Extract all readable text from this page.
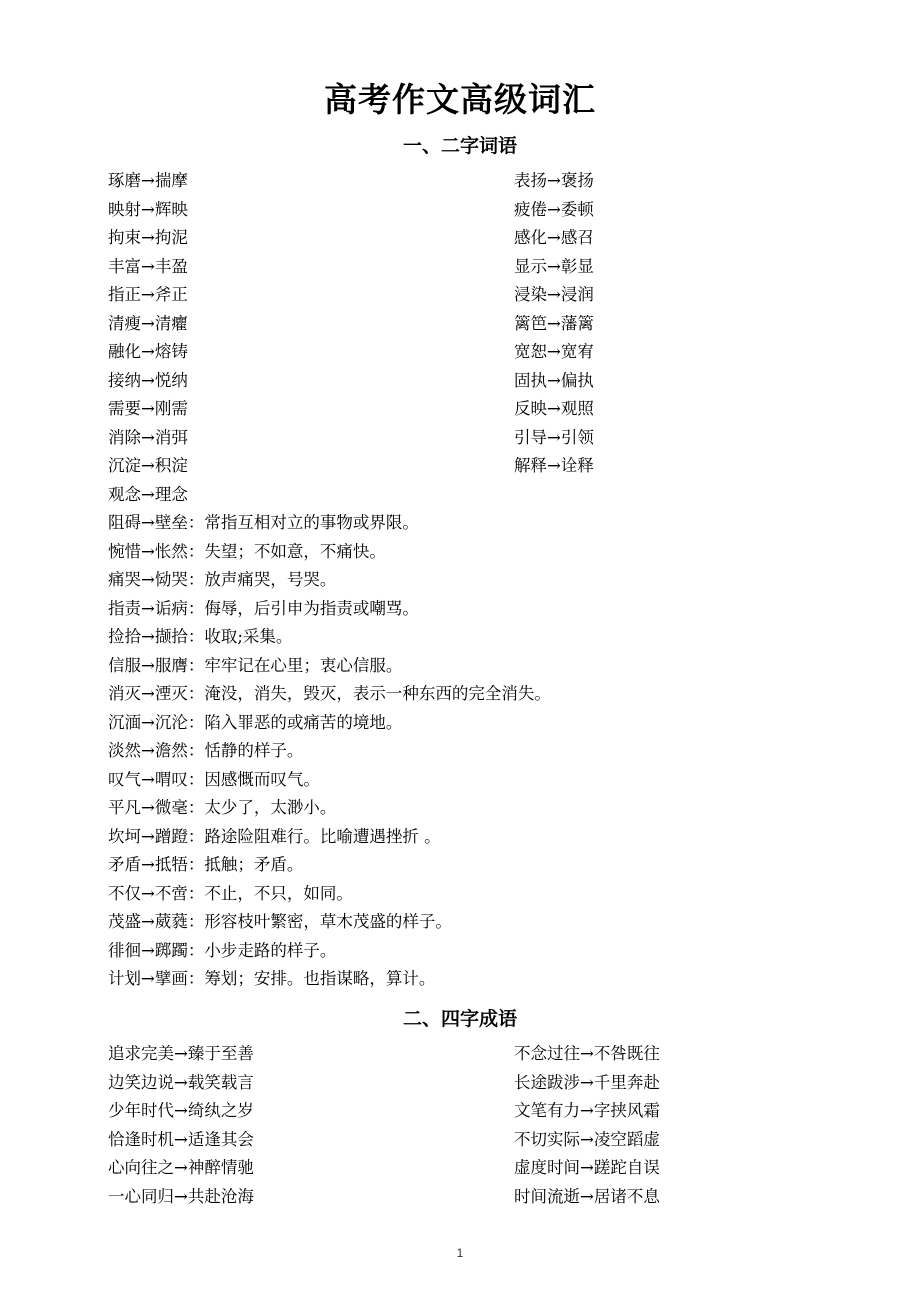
高考作文高级词汇
一、二字词语
琢磨→揣摩
映射→辉映
拘束→拘泥
丰富→丰盈
指正→斧正
清瘦→清癯
融化→熔铸
接纳→悦纳
需要→刚需
消除→消弭
沉淀→积淀
观念→理念
表扬→褒扬
疲倦→委顿
感化→感召
显示→彰显
浸染→浸润
篱笆→藩篱
宽恕→宽宥
固执→偏执
反映→观照
引导→引领
解释→诠释
阻碍→壁垒：常指互相对立的事物或界限。
惋惜→怅然：失望；不如意，不痛快。
痛哭→恸哭：放声痛哭，号哭。
指责→诟病：侮辱，后引申为指责或嘲骂。
捡拾→撷拾：收取;采集。
信服→服膺：牢牢记在心里；衷心信服。
消灭→湮灭：淹没，消失，毁灭，表示一种东西的完全消失。
沉湎→沉沦：陷入罪恶的或痛苦的境地。
淡然→澹然：恬静的样子。
叹气→喟叹：因感慨而叹气。
平凡→微毫：太少了，太渺小。
坎坷→蹭蹬：路途险阻难行。比喻遭遇挫折 。
矛盾→抵牾：抵触；矛盾。
不仅→不啻：不止，不只，如同。
茂盛→葳蕤：形容枝叶繁密，草木茂盛的样子。
徘徊→踯躅：小步走路的样子。
计划→擘画：筹划；安排。也指谋略，算计。
二、四字成语
追求完美→臻于至善
边笑边说→载笑载言
少年时代→绮纨之岁
恰逢时机→适逢其会
心向往之→神醉情驰
一心同归→共赴沧海
不念过往→不咎既往
长途跋涉→千里奔赴
文笔有力→字挟风霜
不切实际→凌空蹈虚
虚度时间→蹉跎自误
时间流逝→居诸不息
1
